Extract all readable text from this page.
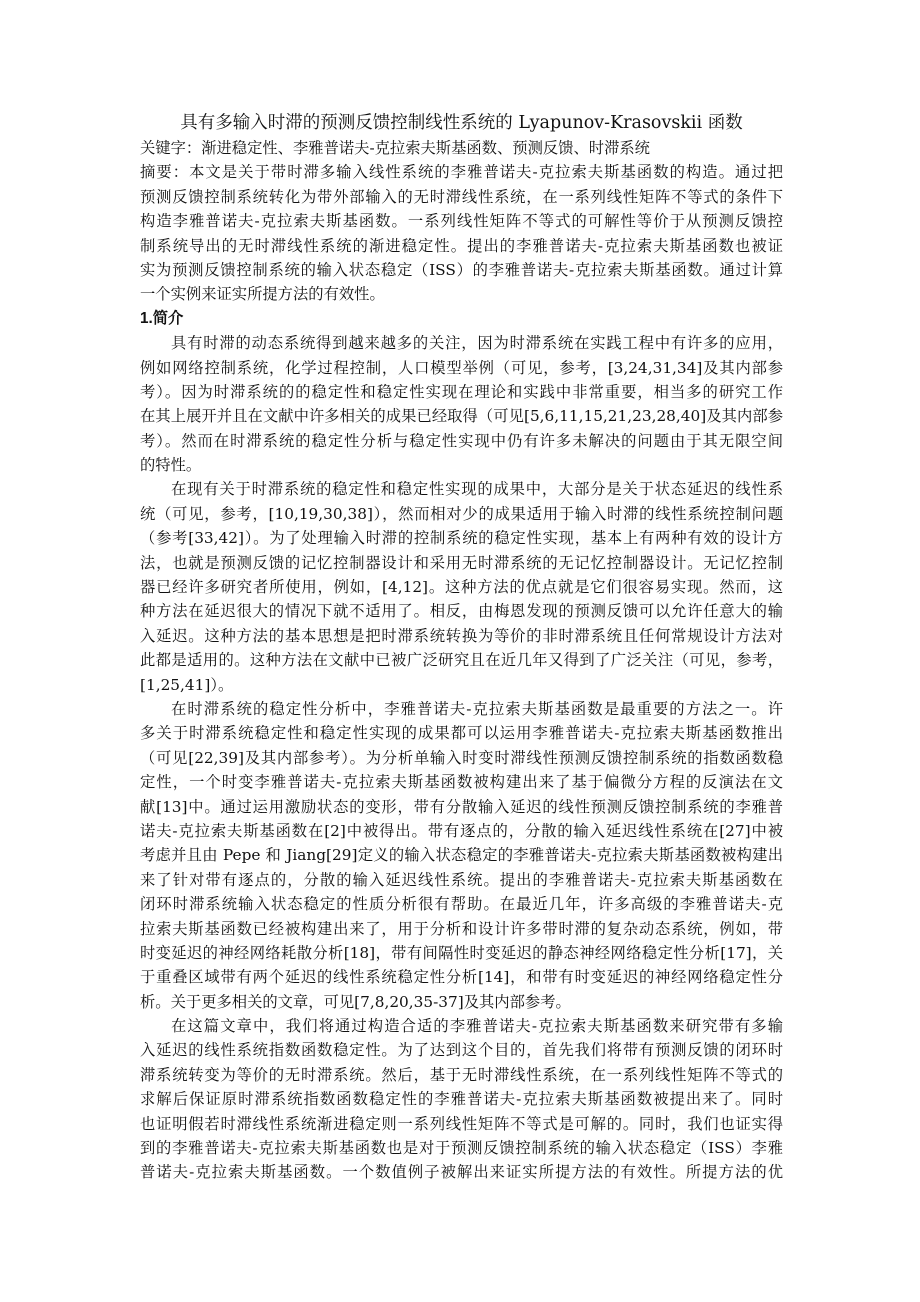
具有多输入时滞的预测反馈控制线性系统的 Lyapunov-Krasovskii 函数
关键字：渐进稳定性、李雅普诺夫-克拉索夫斯基函数、预测反馈、时滞系统
摘要：本文是关于带时滞多输入线性系统的李雅普诺夫-克拉索夫斯基函数的构造。通过把
预测反馈控制系统转化为带外部输入的无时滞线性系统，在一系列线性矩阵不等式的条件下
构造李雅普诺夫-克拉索夫斯基函数。一系列线性矩阵不等式的可解性等价于从预测反馈控
制系统导出的无时滞线性系统的渐进稳定性。提出的李雅普诺夫-克拉索夫斯基函数也被证
实为预测反馈控制系统的输入状态稳定（ISS）的李雅普诺夫-克拉索夫斯基函数。通过计算
一个实例来证实所提方法的有效性。
1.简介
具有时滞的动态系统得到越来越多的关注，因为时滞系统在实践工程中有许多的应用，
例如网络控制系统，化学过程控制，人口模型举例（可见，参考，[3,24,31,34]及其内部参
考）。因为时滞系统的的稳定性和稳定性实现在理论和实践中非常重要，相当多的研究工作
在其上展开并且在文献中许多相关的成果已经取得（可见[5,6,11,15,21,23,28,40]及其内部参
考）。然而在时滞系统的稳定性分析与稳定性实现中仍有许多未解决的问题由于其无限空间
的特性。
在现有关于时滞系统的稳定性和稳定性实现的成果中，大部分是关于状态延迟的线性系
统（可见，参考，[10,19,30,38]），然而相对少的成果适用于输入时滞的线性系统控制问题
（参考[33,42]）。为了处理输入时滞的控制系统的稳定性实现，基本上有两种有效的设计方
法，也就是预测反馈的记忆控制器设计和采用无时滞系统的无记忆控制器设计。无记忆控制
器已经许多研究者所使用，例如，[4,12]。这种方法的优点就是它们很容易实现。然而，这
种方法在延迟很大的情况下就不适用了。相反，由梅恩发现的预测反馈可以允许任意大的输
入延迟。这种方法的基本思想是把时滞系统转换为等价的非时滞系统且任何常规设计方法对
此都是适用的。这种方法在文献中已被广泛研究且在近几年又得到了广泛关注（可见，参考，
[1,25,41]）。
在时滞系统的稳定性分析中，李雅普诺夫-克拉索夫斯基函数是最重要的方法之一。许
多关于时滞系统稳定性和稳定性实现的成果都可以运用李雅普诺夫-克拉索夫斯基函数推出
（可见[22,39]及其内部参考）。为分析单输入时变时滞线性预测反馈控制系统的指数函数稳
定性，一个时变李雅普诺夫-克拉索夫斯基函数被构建出来了基于偏微分方程的反演法在文
献[13]中。通过运用激励状态的变形，带有分散输入延迟的线性预测反馈控制系统的李雅普
诺夫-克拉索夫斯基函数在[2]中被得出。带有逐点的，分散的输入延迟线性系统在[27]中被
考虑并且由 Pepe 和 Jiang[29]定义的输入状态稳定的李雅普诺夫-克拉索夫斯基函数被构建出
来了针对带有逐点的，分散的输入延迟线性系统。提出的李雅普诺夫-克拉索夫斯基函数在
闭环时滞系统输入状态稳定的性质分析很有帮助。在最近几年，许多高级的李雅普诺夫-克
拉索夫斯基函数已经被构建出来了，用于分析和设计许多带时滞的复杂动态系统，例如，带
时变延迟的神经网络耗散分析[18]，带有间隔性时变延迟的静态神经网络稳定性分析[17]，关
于重叠区域带有两个延迟的线性系统稳定性分析[14]，和带有时变延迟的神经网络稳定性分
析。关于更多相关的文章，可见[7,8,20,35-37]及其内部参考。
在这篇文章中，我们将通过构造合适的李雅普诺夫-克拉索夫斯基函数来研究带有多输
入延迟的线性系统指数函数稳定性。为了达到这个目的，首先我们将带有预测反馈的闭环时
滞系统转变为等价的无时滞系统。然后，基于无时滞线性系统，在一系列线性矩阵不等式的
求解后保证原时滞系统指数函数稳定性的李雅普诺夫-克拉索夫斯基函数被提出来了。同时
也证明假若时滞线性系统渐进稳定则一系列线性矩阵不等式是可解的。同时，我们也证实得
到的李雅普诺夫-克拉索夫斯基函数也是对于预测反馈控制系统的输入状态稳定（ISS）李雅
普诺夫-克拉索夫斯基函数。一个数值例子被解出来证实所提方法的有效性。所提方法的优
